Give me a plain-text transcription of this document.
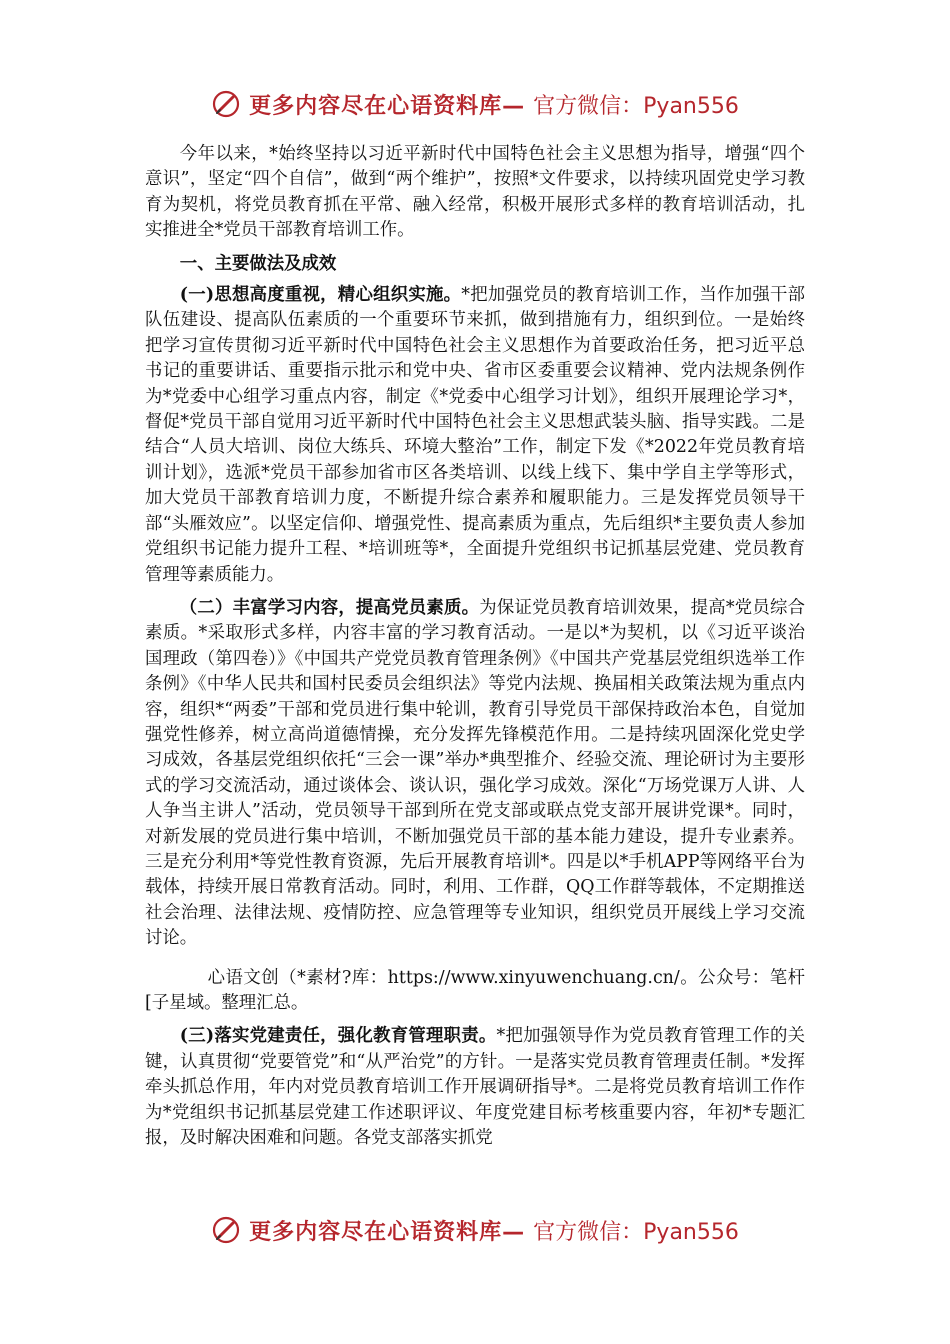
更多内容尽在心语资料库— 官方微信：Pyan556

今年以来，*始终坚持以习近平新时代中国特色社会主义思想为指导，增强“四个意识”，坚定“四个自信”，做到“两个维护”，按照*文件要求，以持续巩固党史学习教育为契机，将党员教育抓在平常、融入经常，积极开展形式多样的教育培训活动，扎实推进全*党员干部教育培训工作。

一、主要做法及成效

(一)思想高度重视，精心组织实施。*把加强党员的教育培训工作，当作加强干部队伍建设、提高队伍素质的一个重要环节来抓，做到措施有力，组织到位。一是始终把学习宣传贯彻习近平新时代中国特色社会主义思想作为首要政治任务，把习近平总书记的重要讲话、重要指示批示和党中央、省市区委重要会议精神、党内法规条例作为*党委中心组学习重点内容，制定《*党委中心组学习计划》，组织开展理论学习*，督促*党员干部自觉用习近平新时代中国特色社会主义思想武装头脑、指导实践。二是结合“人员大培训、岗位大练兵、环境大整治”工作，制定下发《*2022年党员教育培训计划》，选派*党员干部参加省市区各类培训、以线上线下、集中学自主学等形式，加大党员干部教育培训力度，不断提升综合素养和履职能力。三是发挥党员领导干部“头雁效应”。以坚定信仰、增强党性、提高素质为重点，先后组织*主要负责人参加党组织书记能力提升工程、*培训班等*，全面提升党组织书记抓基层党建、党员教育管理等素质能力。

（二）丰富学习内容，提高党员素质。为保证党员教育培训效果，提高*党员综合素质。*采取形式多样，内容丰富的学习教育活动。一是以*为契机，以《习近平谈治国理政（第四卷）》《中国共产党党员教育管理条例》《中国共产党基层党组织选举工作条例》《中华人民共和国村民委员会组织法》等党内法规、换届相关政策法规为重点内容，组织*“两委”干部和党员进行集中轮训，教育引导党员干部保持政治本色，自觉加强党性修养，树立高尚道德情操，充分发挥先锋模范作用。二是持续巩固深化党史学习成效，各基层党组织依托“三会一课”举办*典型推介、经验交流、理论研讨为主要形式的学习交流活动，通过谈体会、谈认识，强化学习成效。深化“万场党课万人讲、人人争当主讲人”活动，党员领导干部到所在党支部或联点党支部开展讲党课*。同时，对新发展的党员进行集中培训，不断加强党员干部的基本能力建设，提升专业素养。三是充分利用*等党性教育资源，先后开展教育培训*。四是以*手机APP等网络平台为载体，持续开展日常教育活动。同时，利用、工作群，QQ工作群等载体，不定期推送社会治理、法律法规、疫情防控、应急管理等专业知识，组织党员开展线上学习交流讨论。

心语文创（*素材?库：https://www.xinyuwenchuang.cn/。公众号：笔杆[子星域。整理汇总。

(三)落实党建责任，强化教育管理职责。*把加强领导作为党员教育管理工作的关键，认真贯彻“党要管党”和“从严治党”的方针。一是落实党员教育管理责任制。*发挥牵头抓总作用，年内对党员教育培训工作开展调研指导*。二是将党员教育培训工作作为*党组织书记抓基层党建工作述职评议、年度党建目标考核重要内容，年初*专题汇报，及时解决困难和问题。各党支部落实抓党

更多内容尽在心语资料库— 官方微信：Pyan556
